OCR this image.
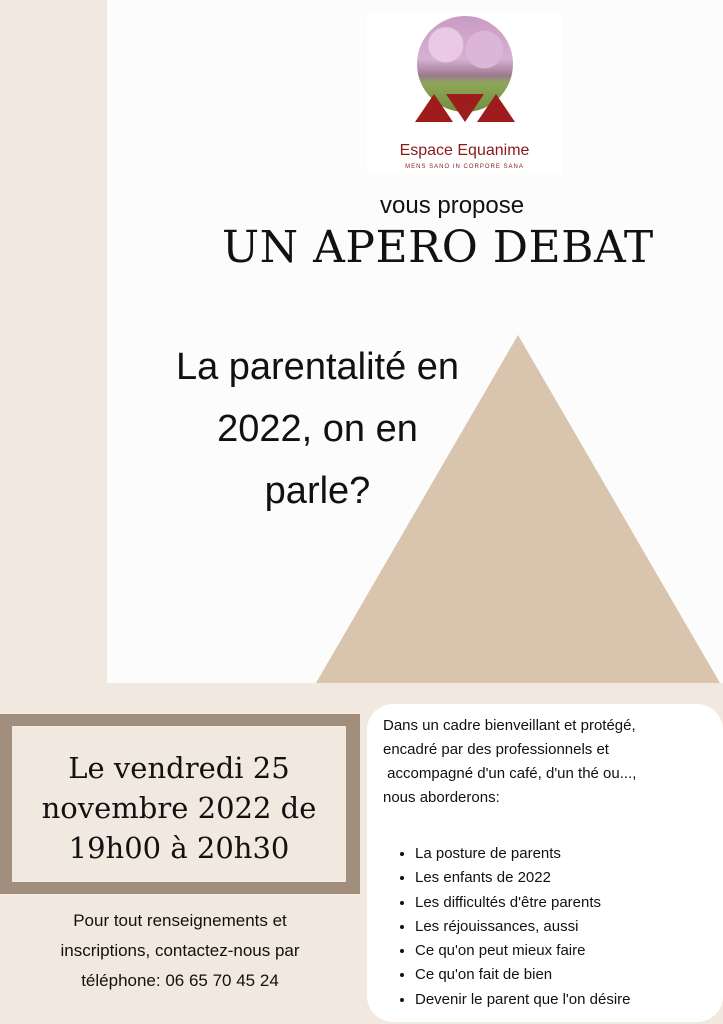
Espace Equanime
MENS SANO IN CORPORE SANA
vous propose
UN APERO DEBAT
La parentalité en
2022, on en
parle?
Le vendredi 25
novembre 2022 de
19h00 à 20h30
Pour tout renseignements et
inscriptions, contactez-nous par
téléphone: 06 65 70 45 24
Dans un cadre bienveillant et protégé,
encadré par des professionnels et
accompagné d'un café, d'un thé ou...,
nous aborderons:
• La posture de parents
• Les enfants de 2022
• Les difficultés d'être parents
• Les réjouissances, aussi
• Ce qu'on peut mieux faire
• Ce qu'on fait de bien
• Devenir le parent que l'on désire
